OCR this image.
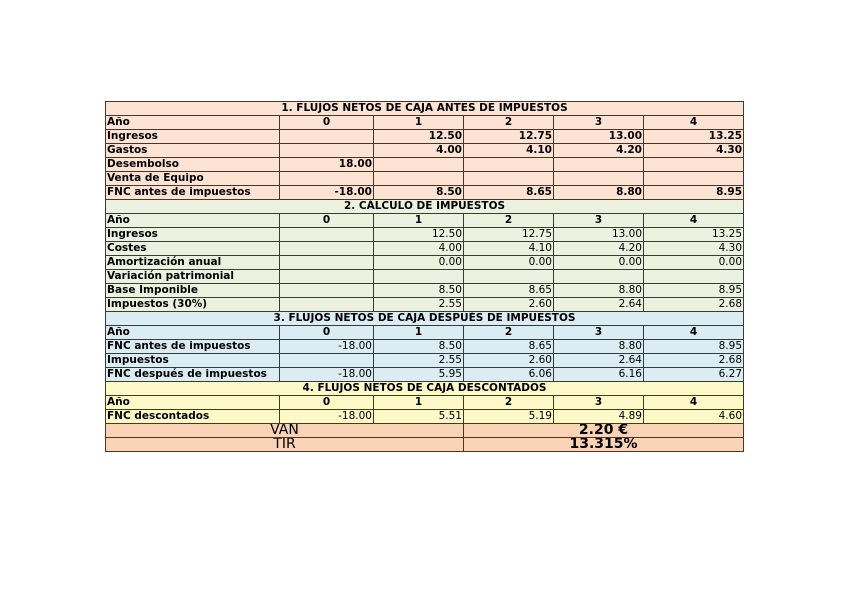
1. FLUJOS NETOS DE CAJA ANTES DE IMPUESTOS					
Año	0	1	2	3	4
Ingresos		12.50	12.75	13.00	13.25
Gastos		4.00	4.10	4.20	4.30
Desembolso	18.00				
Venta de Equipo					
FNC antes de impuestos	-18.00	8.50	8.65	8.80	8.95
2. CÁLCULO DE IMPUESTOS					
Año	0	1	2	3	4
Ingresos		12.50	12.75	13.00	13.25
Costes		4.00	4.10	4.20	4.30
Amortización anual		0.00	0.00	0.00	0.00
Variación patrimonial					
Base Imponible		8.50	8.65	8.80	8.95
Impuestos (30%)		2.55	2.60	2.64	2.68
3. FLUJOS NETOS DE CAJA DESPUÉS DE IMPUESTOS					
Año	0	1	2	3	4
FNC antes de impuestos	-18.00	8.50	8.65	8.80	8.95
Impuestos		2.55	2.60	2.64	2.68
FNC después de impuestos	-18.00	5.95	6.06	6.16	6.27
4. FLUJOS NETOS DE CAJA DESCONTADOS					
Año	0	1	2	3	4
FNC descontados	-18.00	5.51	5.19	4.89	4.60
VAN			2.20 €		
TIR			13.315%		
